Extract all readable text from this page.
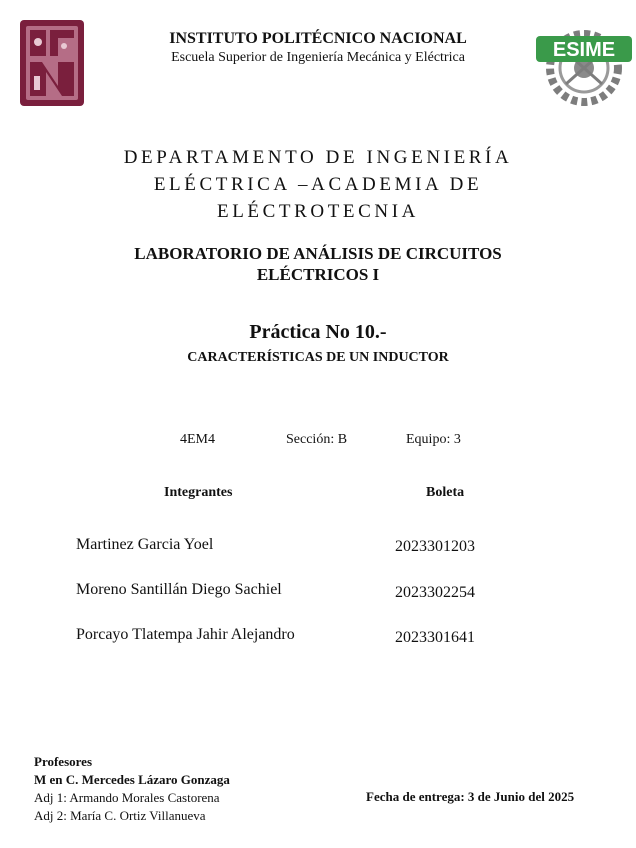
ESIME
INSTITUTO POLITÉCNICO NACIONAL
Escuela Superior de Ingeniería Mecánica y Eléctrica
DEPARTAMENTO DE INGENIERÍA
ELÉCTRICA –ACADEMIA DE
ELÉCTROTECNIA
LABORATORIO DE ANÁLISIS DE CIRCUITOS
ELÉCTRICOS I
Práctica No 10.-
CARACTERÍSTICAS DE UN INDUCTOR
4EM4	Sección: B	Equipo: 3
Integrantes	Boleta
Martinez Garcia Yoel	2023301203
Moreno Santillán Diego Sachiel	2023302254
Porcayo Tlatempa Jahir Alejandro	2023301641
Profesores
M en C. Mercedes Lázaro Gonzaga
Adj 1: Armando Morales Castorena
Adj 2: María C. Ortiz Villanueva
Fecha de entrega: 3 de Junio del 2025
